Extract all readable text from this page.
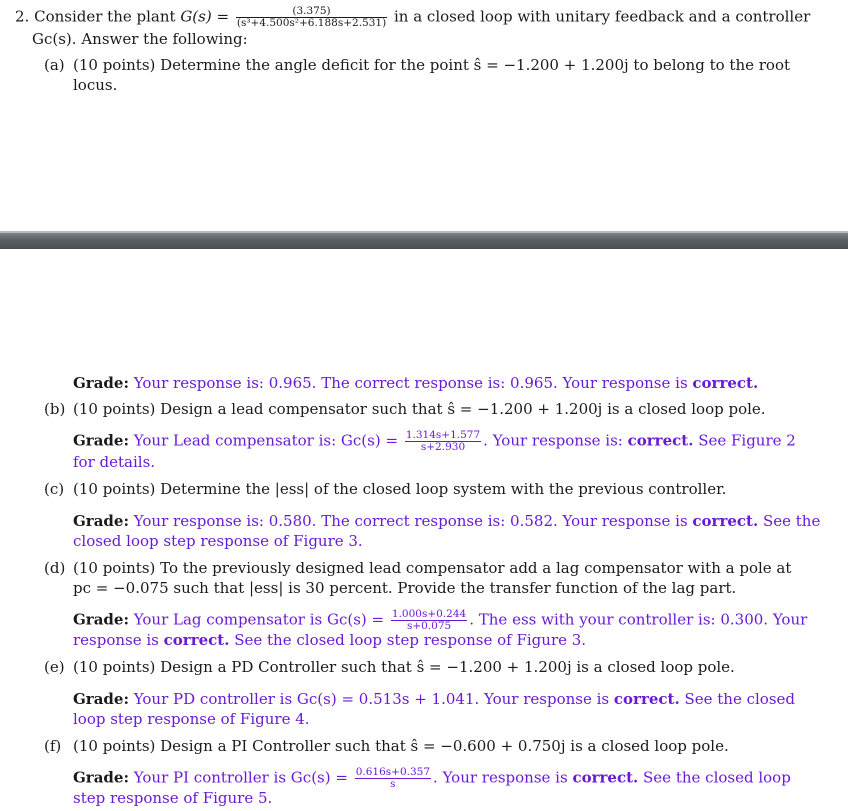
2. Consider the plant $G(s) = \frac{(3.375)}{\text{(s³+4.500s²+6.188s+2.531)}}$ in a closed loop with unitary feedback and a controller
Gc(s). Answer the following:
(a) (10 points) Determine the angle deficit for the point ŝ = −1.200 + 1.200j to belong to the root
locus.
Grade: Your response is: 0.965. The correct response is: 0.965. Your response is correct.
(b) (10 points) Design a lead compensator such that ŝ = −1.200 + 1.200j is a closed loop pole.
Grade: Your Lead compensator is: $Gc(s) = \frac{1.314s+1.577}{s+2.930}$ . Your response is: correct. See Figure 2
for details.
(c) (10 points) Determine the |ess| of the closed loop system with the previous controller.
Grade: Your response is: 0.580. The correct response is: 0.582. Your response is correct. See the
closed loop step response of Figure 3.
(d) (10 points) To the previously designed lead compensator add a lag compensator with a pole at
pc = −0.075 such that |ess| is 30 percent. Provide the transfer function of the lag part.
Grade: Your Lag compensator is $Gc(s) = \frac{1.000s+0.244}{s+0.075}$ . The ess with your controller is: 0.300. Your
response is correct. See the closed loop step response of Figure 3.
(e) (10 points) Design a PD Controller such that ŝ = −1.200 + 1.200j is a closed loop pole.
Grade: Your PD controller is Gc(s) = 0.513s + 1.041. Your response is correct. See the closed
loop step response of Figure 4.
(f) (10 points) Design a PI Controller such that ŝ = −0.600 + 0.750j is a closed loop pole.
Grade: Your PI controller is $Gc(s) = \frac{0.616s+0.357}{s}$ . Your response is correct. See the closed loop
step response of Figure 5.
